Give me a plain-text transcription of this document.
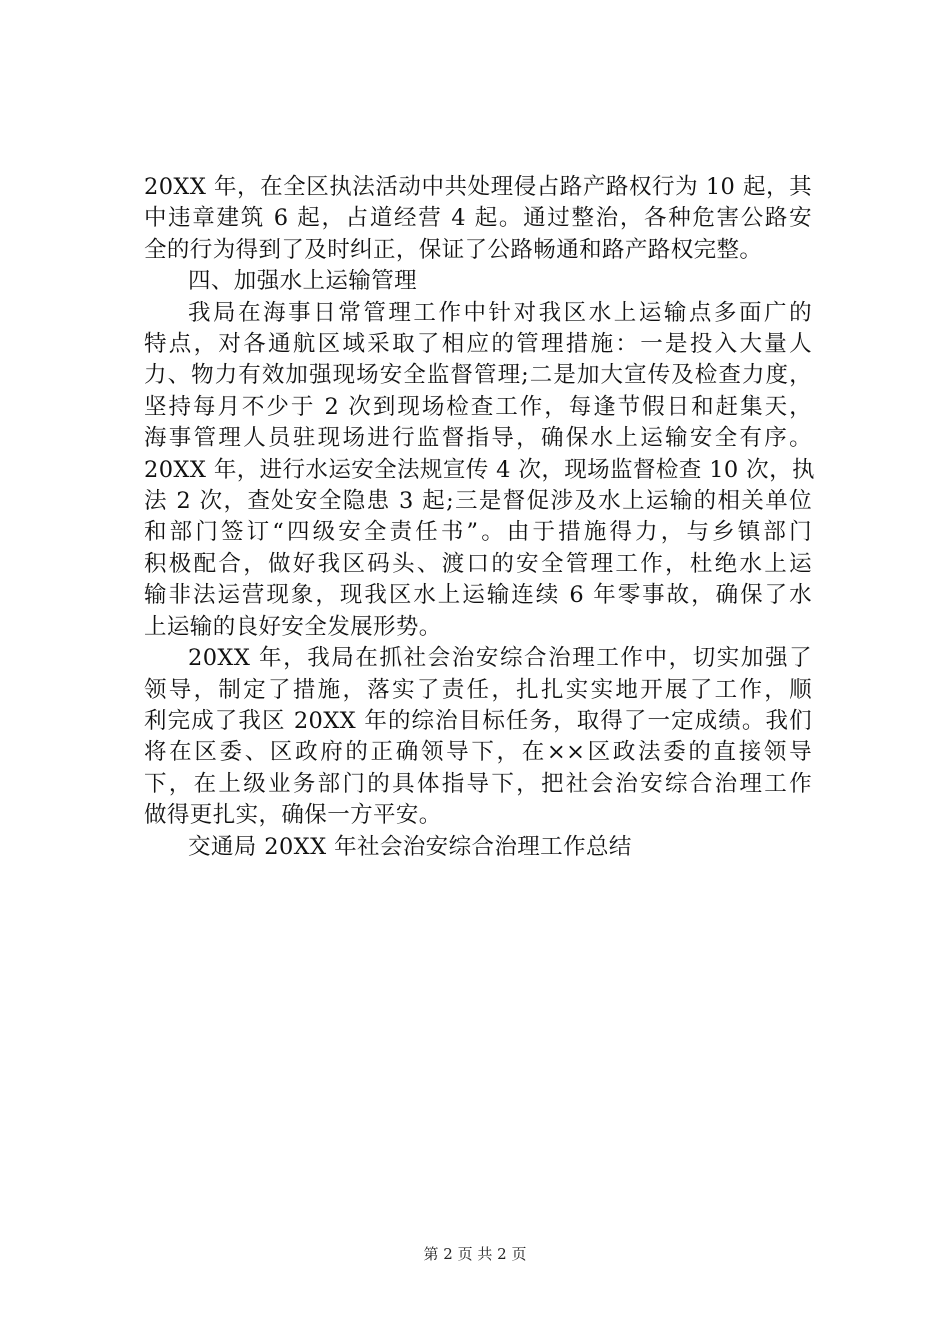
20XX 年，在全区执法活动中共处理侵占路产路权行为 10 起，其
中违章建筑 6 起，占道经营 4 起。通过整治，各种危害公路安
全的行为得到了及时纠正，保证了公路畅通和路产路权完整。

四、加强水上运输管理

我局在海事日常管理工作中针对我区水上运输点多面广的
特点，对各通航区域采取了相应的管理措施：一是投入大量人
力、物力有效加强现场安全监督管理;二是加大宣传及检查力度，
坚持每月不少于 2 次到现场检查工作，每逢节假日和赶集天，
海事管理人员驻现场进行监督指导，确保水上运输安全有序。
20XX 年，进行水运安全法规宣传 4 次，现场监督检查 10 次，执
法 2 次，查处安全隐患 3 起;三是督促涉及水上运输的相关单位
和部门签订“四级安全责任书”。由于措施得力，与乡镇部门
积极配合，做好我区码头、渡口的安全管理工作，杜绝水上运
输非法运营现象，现我区水上运输连续 6 年零事故，确保了水
上运输的良好安全发展形势。

20XX 年，我局在抓社会治安综合治理工作中，切实加强了
领导，制定了措施，落实了责任，扎扎实实地开展了工作，顺
利完成了我区 20XX 年的综治目标任务，取得了一定成绩。我们
将在区委、区政府的正确领导下，在××区政法委的直接领导
下，在上级业务部门的具体指导下，把社会治安综合治理工作
做得更扎实，确保一方平安。

交通局 20XX 年社会治安综合治理工作总结

第 2 页 共 2 页
